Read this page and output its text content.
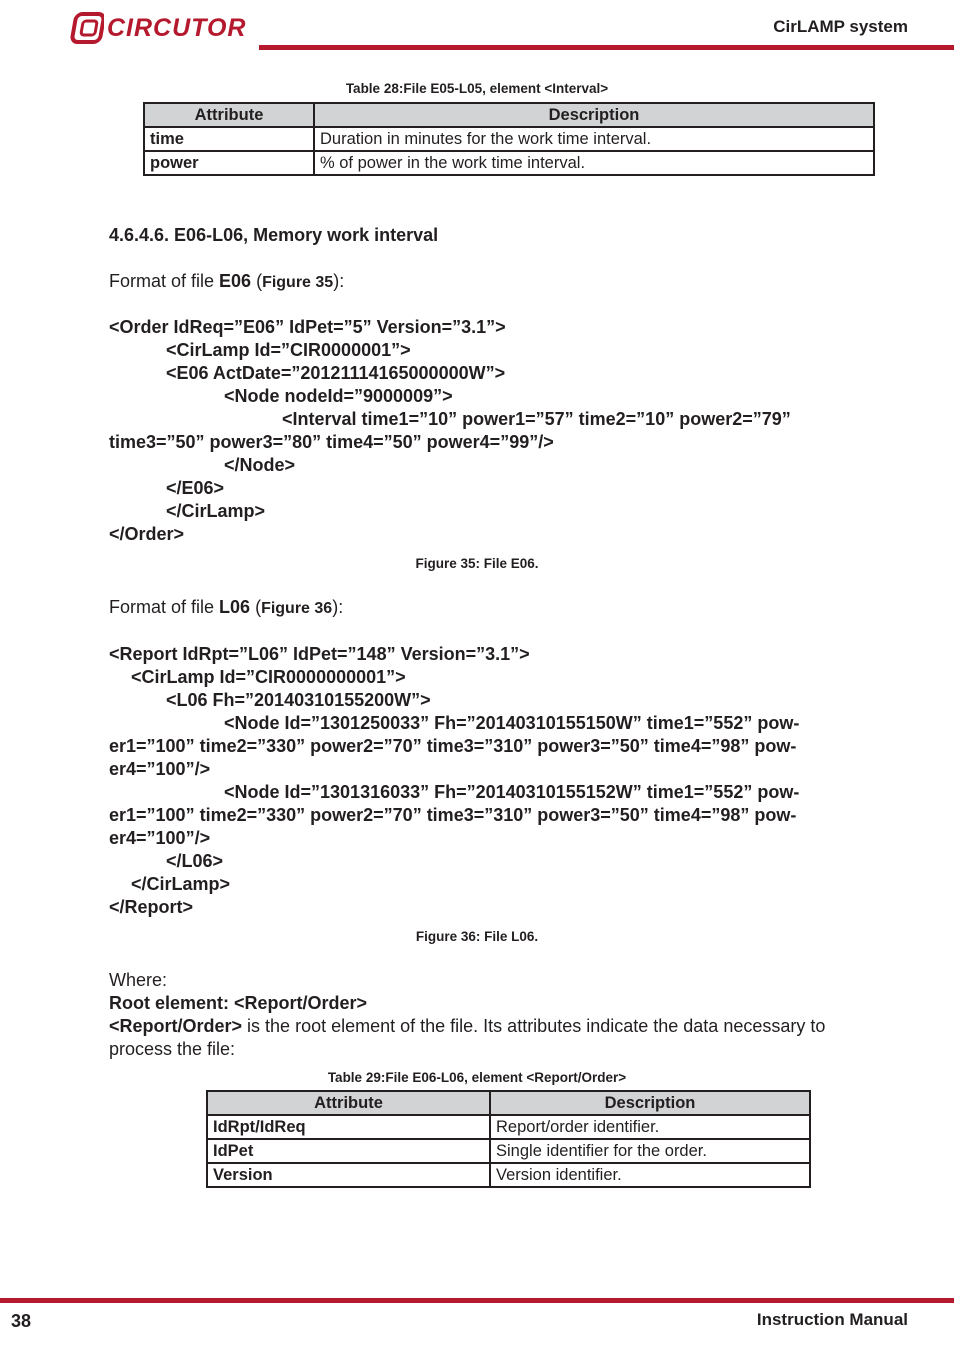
CIRCUTOR	CirLAMP system
Table 28:File E05-L05, element <Interval>
Attribute	Description
time	Duration in minutes for the work time interval.
power	% of power in the work time interval.
4.6.4.6. E06-L06, Memory work interval
Format of file E06 (Figure 35):
<Order IdReq=”E06” IdPet=”5” Version=”3.1”>
<CirLamp Id=”CIR0000001”>
<E06 ActDate=”20121114165000000W”>
<Node nodeId=”9000009”>
<Interval time1=”10” power1=”57” time2=”10” power2=”79”
time3=”50” power3=”80” time4=”50” power4=”99”/>
</Node>
</E06>
</CirLamp>
</Order>
Figure 35: File E06.
Format of file L06 (Figure 36):
<Report IdRpt=”L06” IdPet=”148” Version=”3.1”>
<CirLamp Id=”CIR0000000001”>
<L06 Fh=”20140310155200W”>
<Node Id=”1301250033” Fh=”20140310155150W” time1=”552” pow-
er1=”100” time2=”330” power2=”70” time3=”310” power3=”50” time4=”98” pow-
er4=”100”/>
<Node Id=”1301316033” Fh=”20140310155152W” time1=”552” pow-
er1=”100” time2=”330” power2=”70” time3=”310” power3=”50” time4=”98” pow-
er4=”100”/>
</L06>
</CirLamp>
</Report>
Figure 36: File L06.
Where:
Root element: <Report/Order>
<Report/Order> is the root element of the file. Its attributes indicate the data necessary to
process the file:
Table 29:File E06-L06, element <Report/Order>
Attribute	Description
IdRpt/IdReq	Report/order identifier.
IdPet	Single identifier for the order.
Version	Version identifier.
38	Instruction Manual
